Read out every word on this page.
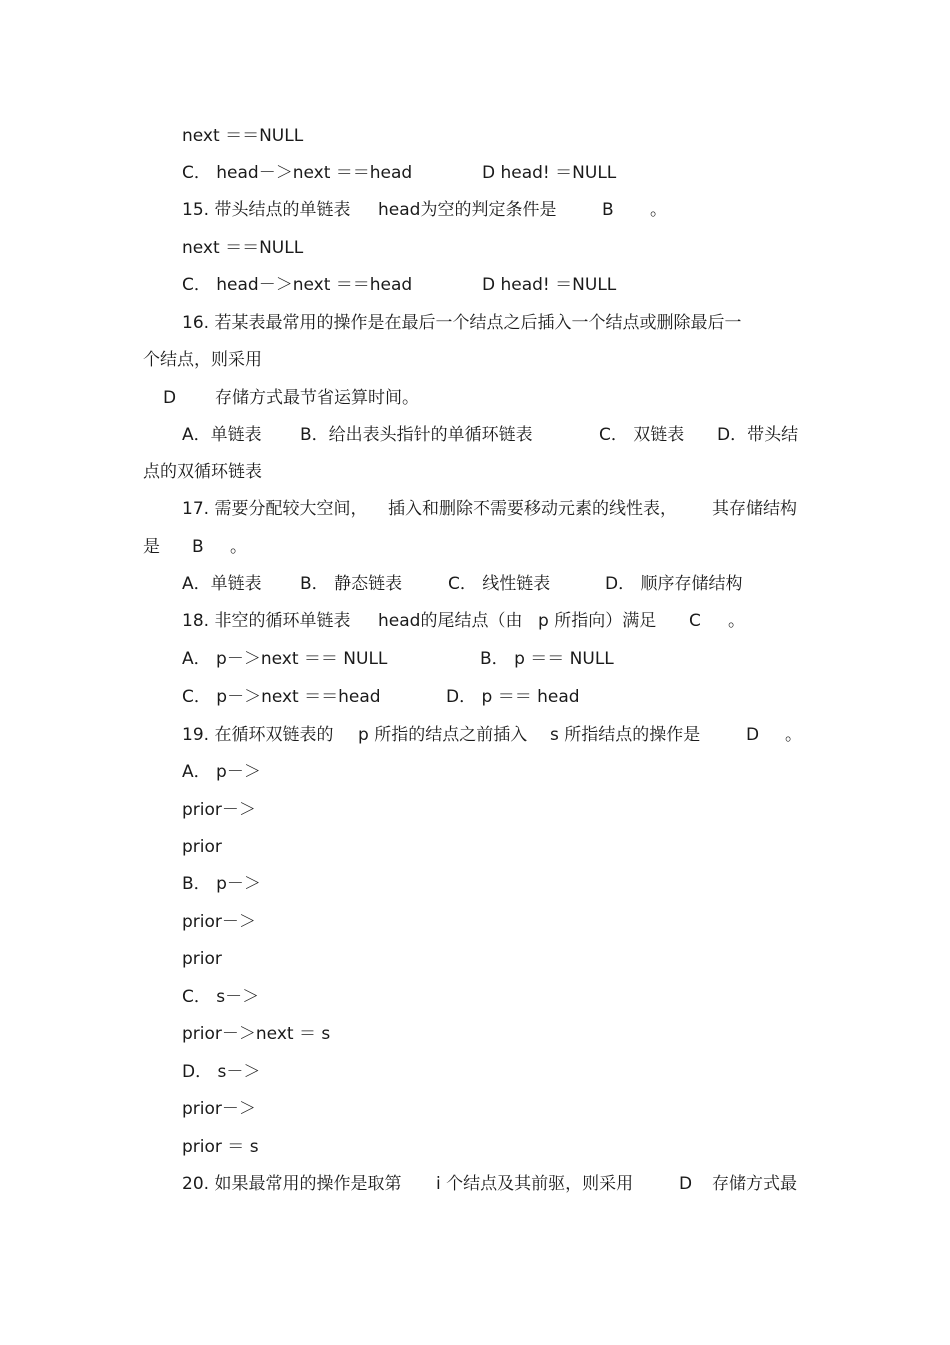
next ＝＝NULL
C． head－＞next ＝＝head	D head! ＝NULL
15. 带头结点的单链表 head为空的判定条件是	B 。
next ＝＝NULL
C． head－＞next ＝＝head	D head! ＝NULL
16. 若某表最常用的操作是在最后一个结点之后插入一个结点或删除最后一
个结点，则采用
D 存储方式最节省运算时间。
A．单链表 B．给出表头指针的单循环链表	C． 双链表 D．带头结
点的双循环链表
17. 需要分配较大空间， 插入和删除不需要移动元素的线性表， 其存储结构
是 B 。
A．单链表 B． 静态链表	C． 线性链表	D． 顺序存储结构
18. 非空的循环单链表 head的尾结点（由 p 所指向）满足 C 。
A． p－＞next ＝＝ NULL	B． p ＝＝ NULL
C． p－＞next ＝＝head	D． p ＝＝ head
19. 在循环双链表的 p 所指的结点之前插入 s 所指结点的操作是	D 。
A． p－＞
prior－＞
prior
B． p－＞
prior－＞
prior
C． s－＞
prior－＞next ＝ s
D． s－＞
prior－＞
prior ＝ s
20. 如果最常用的操作是取第 i 个结点及其前驱，则采用	D 存储方式最
